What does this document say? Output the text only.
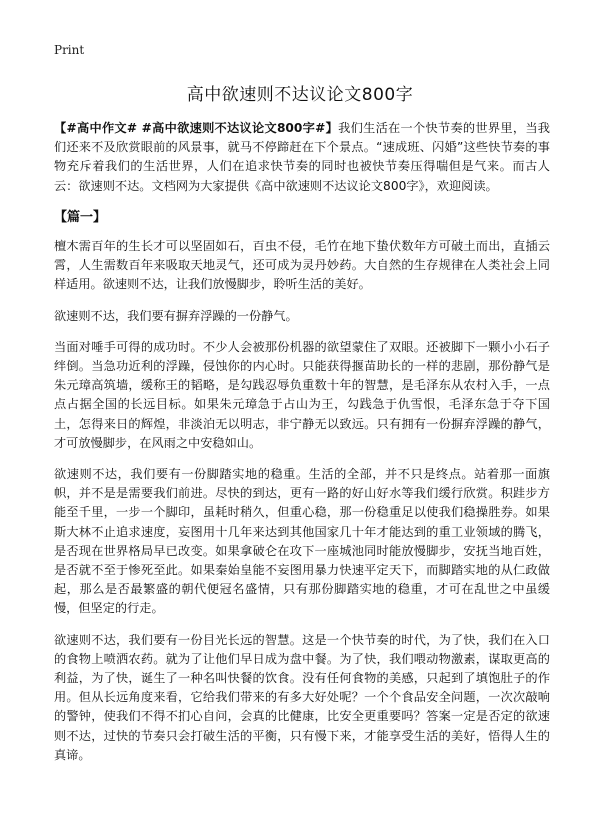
Print
高中欲速则不达议论文800字

【#高中作文# #高中欲速则不达议论文800字#】我们生活在一个快节奏的世界里，当我们还来不及欣赏眼前的风景事，就马不停蹄赶在下个景点。“速成班、闪婚”这些快节奏的事物充斥着我们的生活世界，人们在追求快节奏的同时也被快节奏压得喘但是气来。而古人云：欲速则不达。文档网为大家提供《高中欲速则不达议论文800字》，欢迎阅读。

【篇一】

檀木需百年的生长才可以坚固如石，百虫不侵，毛竹在地下蛰伏数年方可破土而出，直插云霄，人生需数百年来吸取天地灵气，还可成为灵丹妙药。大自然的生存规律在人类社会上同样适用。欲速则不达，让我们放慢脚步，聆听生活的美好。

欲速则不达，我们要有摒弃浮躁的一份静气。

当面对唾手可得的成功时。不少人会被那份机器的欲望蒙住了双眼。还被脚下一颗小小石子绊倒。当急功近利的浮躁，侵蚀你的内心时。只能获得揠苗助长的一样的悲剧，那份静气是朱元璋高筑墙，缓称王的韬略，是勾践忍辱负重数十年的智慧，是毛泽东从农村入手，一点点占据全国的长远目标。如果朱元璋急于占山为王，勾践急于仇雪恨，毛泽东急于夺下国土，怎得来日的辉煌，非淡泊无以明志，非宁静无以致远。只有拥有一份摒弃浮躁的静气，才可放慢脚步，在风雨之中安稳如山。

欲速则不达，我们要有一份脚踏实地的稳重。生活的全部，并不只是终点。站着那一面旗帜，并不是是需要我们前进。尽快的到达，更有一路的好山好水等我们缓行欣赏。积跬步方能至千里，一步一个脚印，虽耗时稍久，但重心稳，那一份稳重足以使我们稳操胜券。如果斯大林不止追求速度，妄图用十几年来达到其他国家几十年才能达到的重工业领域的腾飞，是否现在世界格局早已改变。如果拿破仑在攻下一座城池同时能放慢脚步，安抚当地百姓，是否就不至于惨死至此。如果秦始皇能不妄图用暴力快速平定天下，而脚踏实地的从仁政做起，那么是否最繁盛的朝代便冠名盛情，只有那份脚踏实地的稳重，才可在乱世之中虽缓慢，但坚定的行走。

欲速则不达，我们要有一份目光长远的智慧。这是一个快节奏的时代，为了快，我们在入口的食物上喷洒农药。就为了让他们早日成为盘中餐。为了快，我们喂动物激素，谋取更高的利益，为了快，诞生了一种名叫快餐的饮食。没有任何食物的美感，只起到了填饱肚子的作用。但从长远角度来看，它给我们带来的有多大好处呢？一个个食品安全问题，一次次敲响的警钟，使我们不得不扪心自问，会真的比健康，比安全更重要吗？答案一定是否定的欲速则不达，过快的节奏只会打破生活的平衡，只有慢下来，才能享受生活的美好，悟得人生的真谛。
